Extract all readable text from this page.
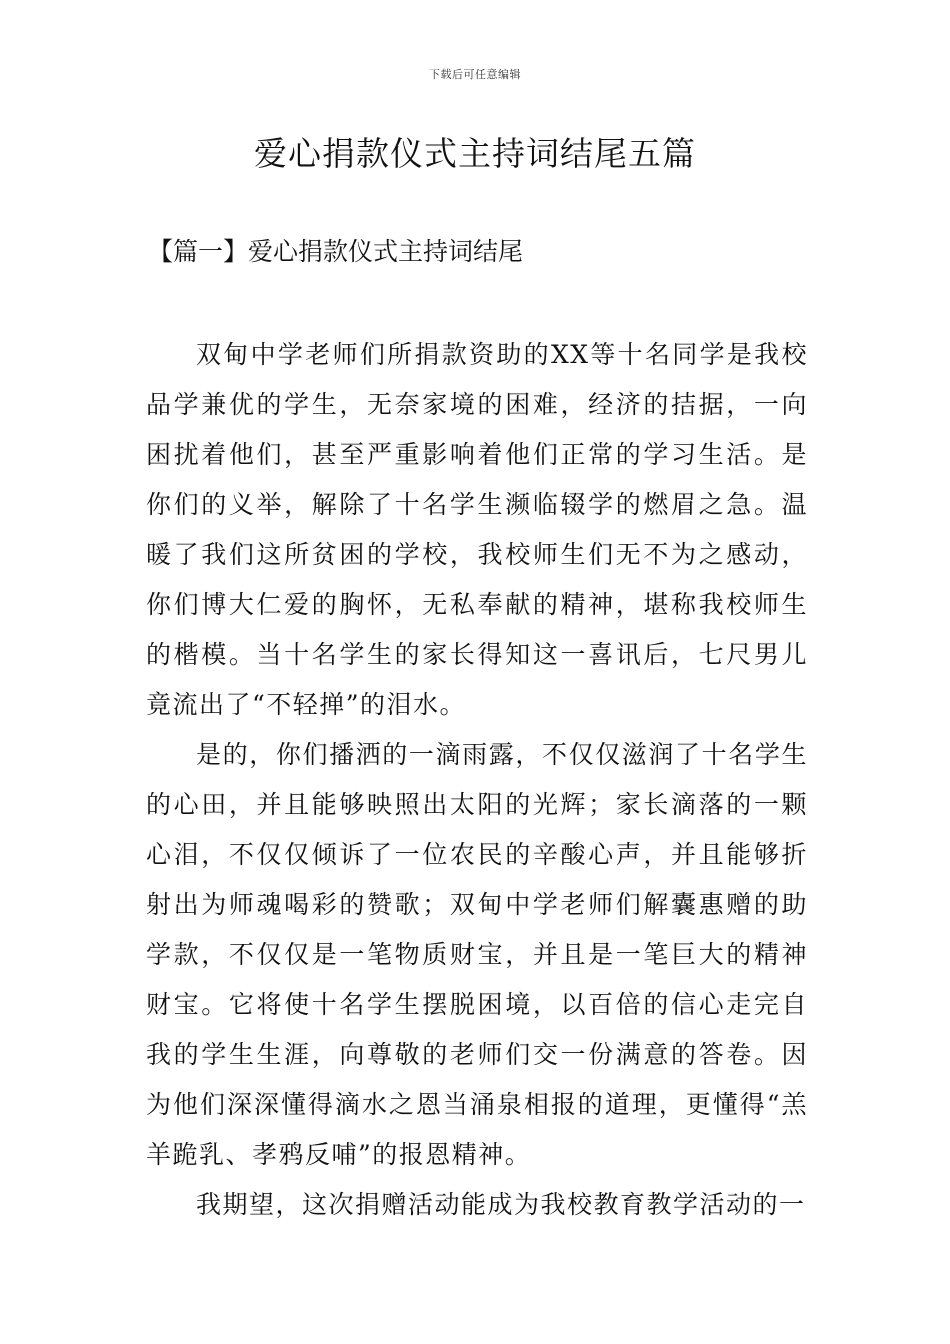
下载后可任意编辑
爱心捐款仪式主持词结尾五篇
【篇一】爱心捐款仪式主持词结尾

双甸中学老师们所捐款资助的XX等十名同学是我校品学兼优的学生，无奈家境的困难，经济的拮据，一向困扰着他们，甚至严重影响着他们正常的学习生活。是你们的义举，解除了十名学生濒临辍学的燃眉之急。温暖了我们这所贫困的学校，我校师生们无不为之感动，你们博大仁爱的胸怀，无私奉献的精神，堪称我校师生的楷模。当十名学生的家长得知这一喜讯后，七尺男儿竟流出了“不轻掸”的泪水。

是的，你们播洒的一滴雨露，不仅仅滋润了十名学生的心田，并且能够映照出太阳的光辉；家长滴落的一颗心泪，不仅仅倾诉了一位农民的辛酸心声，并且能够折射出为师魂喝彩的赞歌；双甸中学老师们解囊惠赠的助学款，不仅仅是一笔物质财宝，并且是一笔巨大的精神财宝。它将使十名学生摆脱困境，以百倍的信心走完自我的学生生涯，向尊敬的老师们交一份满意的答卷。因为他们深深懂得滴水之恩当涌泉相报的道理，更懂得“羔羊跪乳、孝鸦反哺”的报恩精神。

我期望，这次捐赠活动能成为我校教育教学活动的一
